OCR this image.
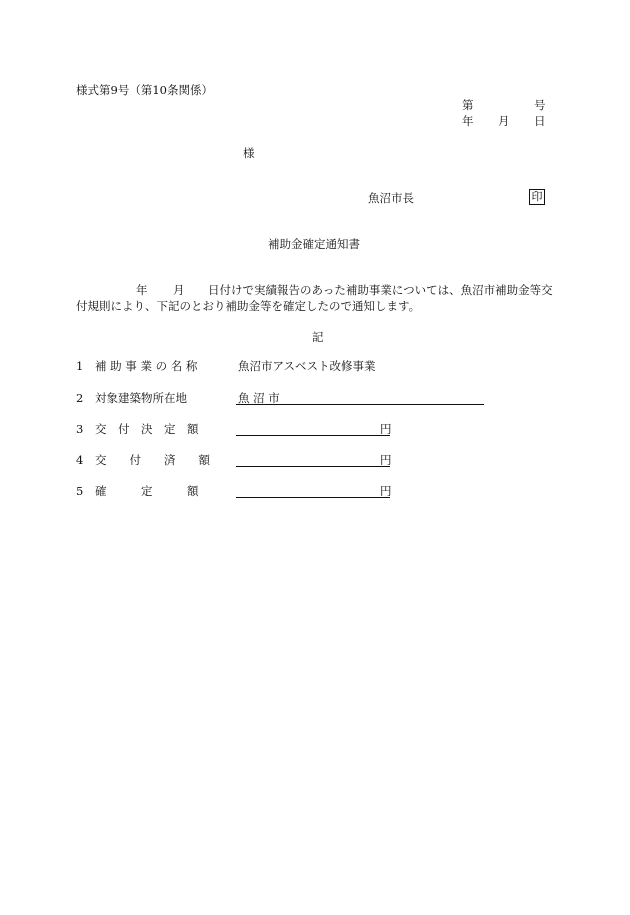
様式第9号（第10条関係）
第	号
年 月 日
様
魚沼市長	印
補助金確定通知書
年 月 日付けで実績報告のあった補助事業については、魚沼市補助金等交
付規則により、下記のとおり補助金等を確定したので通知します。
記
1 補 助 事 業 の 名 称	魚沼市アスベスト改修事業
2 対象建築物所在地	魚 沼 市
3 交　付　決　定　額	円
4 交　　付　　済　　額	円
5 確　　　定　　　額	円
